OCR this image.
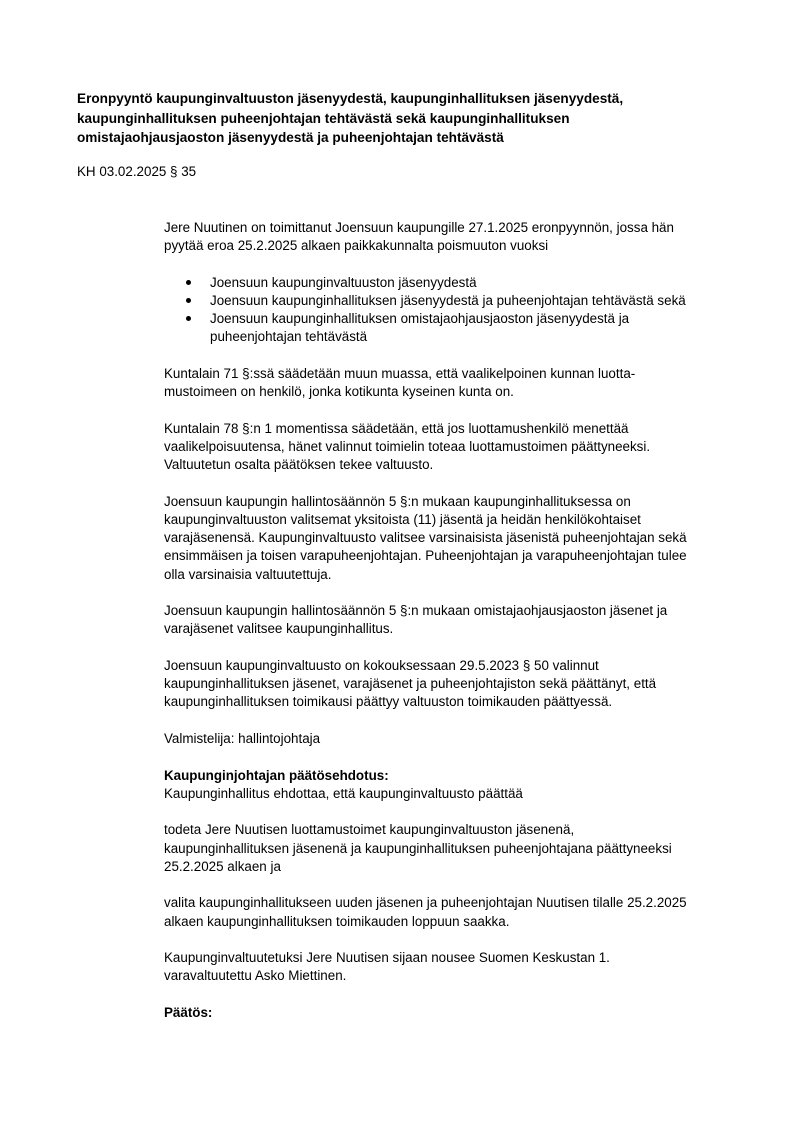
Eronpyyntö kaupunginvaltuuston jäsenyydestä, kaupunginhallituksen jäsenyydestä,
kaupunginhallituksen puheenjohtajan tehtävästä sekä kaupunginhallituksen
omistajaohjausjaoston jäsenyydestä ja puheenjohtajan tehtävästä
KH 03.02.2025 § 35
Jere Nuutinen on toimittanut Joensuun kaupungille 27.1.2025 eronpyynnön, jossa hän
pyytää eroa 25.2.2025 alkaen paikkakunnalta poismuuton vuoksi
Joensuun kaupunginvaltuuston jäsenyydestä
Joensuun kaupunginhallituksen jäsenyydestä ja puheenjohtajan tehtävästä sekä
Joensuun kaupunginhallituksen omistajaohjausjaoston jäsenyydestä ja
puheenjohtajan tehtävästä
Kuntalain 71 §:ssä säädetään muun muassa, että vaalikelpoinen kunnan luotta-
mustoimeen on henkilö, jonka kotikunta kyseinen kunta on.
Kuntalain 78 §:n 1 momentissa säädetään, että jos luottamushenkilö menettää
vaalikelpoisuutensa, hänet valinnut toimielin toteaa luottamustoimen päättyneeksi.
Valtuutetun osalta päätöksen tekee valtuusto.
Joensuun kaupungin hallintosäännön 5 §:n mukaan kaupunginhallituksessa on
kaupunginvaltuuston valitsemat yksitoista (11) jäsentä ja heidän henkilökohtaiset
varajäsenensä. Kaupunginvaltuusto valitsee varsinaisista jäsenistä puheenjohtajan sekä
ensimmäisen ja toisen varapuheenjohtajan. Puheenjohtajan ja varapuheenjohtajan tulee
olla varsinaisia valtuutettuja.
Joensuun kaupungin hallintosäännön 5 §:n mukaan omistajaohjausjaoston jäsenet ja
varajäsenet valitsee kaupunginhallitus.
Joensuun kaupunginvaltuusto on kokouksessaan 29.5.2023 § 50 valinnut
kaupunginhallituksen jäsenet, varajäsenet ja puheenjohtajiston sekä päättänyt, että
kaupunginhallituksen toimikausi päättyy valtuuston toimikauden päättyessä.
Valmistelija: hallintojohtaja
Kaupunginjohtajan päätösehdotus:
Kaupunginhallitus ehdottaa, että kaupunginvaltuusto päättää
todeta Jere Nuutisen luottamustoimet kaupunginvaltuuston jäsenenä,
kaupunginhallituksen jäsenenä ja kaupunginhallituksen puheenjohtajana päättyneeksi
25.2.2025 alkaen ja
valita kaupunginhallitukseen uuden jäsenen ja puheenjohtajan Nuutisen tilalle 25.2.2025
alkaen kaupunginhallituksen toimikauden loppuun saakka.
Kaupunginvaltuutetuksi Jere Nuutisen sijaan nousee Suomen Keskustan 1.
varavaltuutettu Asko Miettinen.
Päätös:
